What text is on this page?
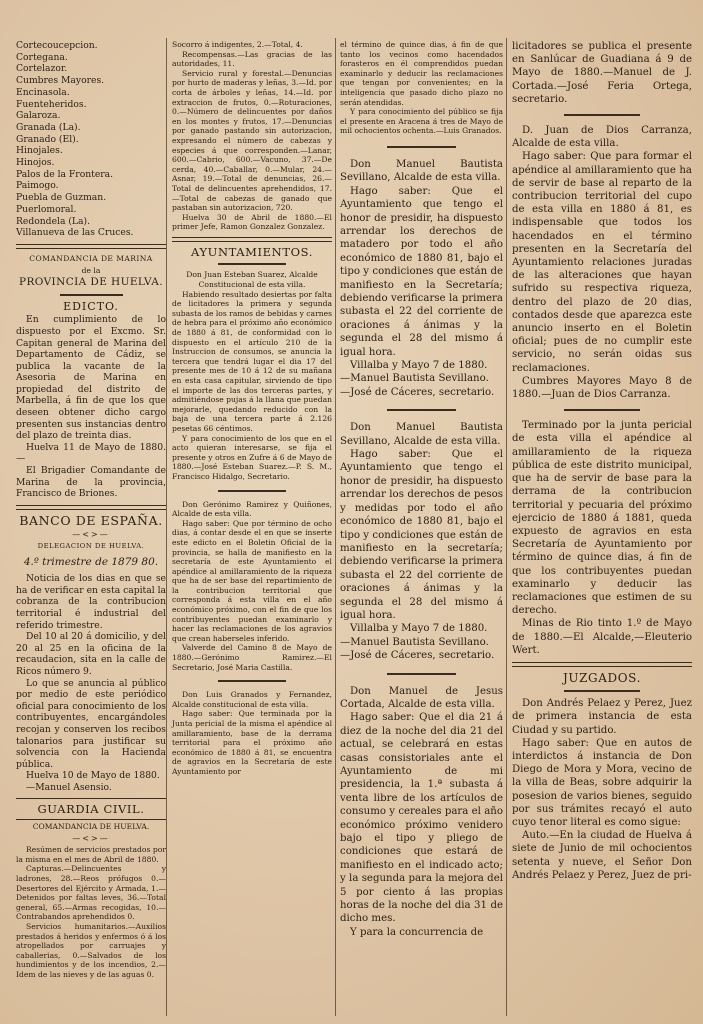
Cortecoucepcion.
Cortegana.
Cortelazor.
Cumbres Mayores.
Encinasola.
Fuenteheridos.
Galaroza.
Granada (La).
Granado (El).
Hinojales.
Hinojos.
Palos de la Frontera.
Paimogo.
Puebla de Guzman.
Puerlomoral.
Redondela (La).
Villanueva de las Cruces.
COMANDANCIA DE MARINA
de la
PROVINCIA DE HUELVA.
EDICTO.

En cumplimiento de lo dispuesto por el Excmo. Sr. Capitan general de Marina del Departamento de Cádiz, se publica la vacante de la Asesoria de Marina en propiedad del distrito de Marbella, á fin de que los que deseen obtener dicho cargo presenten sus instancias dentro del plazo de treinta dias.

Huelva 11 de Mayo de 1880.—

El Brigadier Comandante de Marina de la provincia, Francisco de Briones.

BANCO DE ESPAÑA.
—<>—
DELEGACION DE HUELVA.
4.º trimestre de 1879 80.

Noticia de los dias en que se ha de verificar en esta capital la cobranza de la contribucion territorial é industrial del referido trimestre.

Del 10 al 20 á domicilio, y del 20 al 25 en la oficina de la recaudacion, sita en la calle de Ricos número 9.

Lo que se anuncia al público por medio de este periódico oficial para conocimiento de los contribuyentes, encargándoles recojan y conserven los recibos talonarios para justificar su solvencia con la Hacienda pública.

Huelva 10 de Mayo de 1880.

—Manuel Asensio.

GUARDIA CIVIL.
COMANDANCIA DE HUELVA.
—<>—

Resúmen de servicios prestados por la misma en el mes de Abril de 1880.

Capturas.—Delincuentes y ladrones, 28.—Reos prófugos 0.—Desertores del Ejército y Armada, 1.—Detenidos por faltas leves, 36.—Total general, 65.—Armas recogidas, 10.—Contrabandos aprehendidos 0.

Servicios humanitarios.—Auxilios prestados á heridos y enfermos ó á los atropellados por carruajes y caballerias, 0.—Salvados de los hundimientos y de los incendios, 2.—Idem de las nieves y de las aguas 0.

Socorro á indigentes, 2.—Total, 4.

Recompensas.—Las gracias de las autoridades, 11.

Servicio rural y forestal.—Denuncias por hurto de maderas y leñas, 3.—Id. por corta de árboles y leñas, 14.—Id. por extraccion de frutos, 0.—Roturaciones, 0.—Número de delincuentes por daños en los montes y frutos, 17.—Denuncias por ganado pastando sin autorizacion, expresando el número de cabezas y especies á que corresponden.—Lanar, 600.—Cabrio, 600.—Vacuno, 37.—De cerda, 40.—Caballar, 0.—Mular, 24.—Asnar, 19.—Total de denuncias, 26.—Total de delincuentes aprehendidos, 17.—Total de cabezas de ganado que pastaban sin autorizacion, 720.

Huelva 30 de Abril de 1880.—El primer Jefe, Ramon Gonzalez Gonzalez.

AYUNTAMIENTOS.

Don Juan Esteban Suarez, Alcalde Constitucional de esta villa.

Habiendo resultado desiertas por falta de licitadores la primera y segunda subasta de los ramos de bebidas y carnes de hebra para el próximo año económico de 1880 á 81, de conformidad con lo dispuesto en el artículo 210 de la Instruccion de consumos, se anuncia la tercera que tendrá lugar el dia 17 del presente mes de 10 á 12 de su mañana en esta casa capitular, sirviendo de tipo el importe de las dos terceras partes, y admitiéndose pujas á la llana que puedan mejorarle, quedando reducido con la baja de una tercera parte á 2.126 pesetas 66 céntimos.

Y para conocimiento de los que en el acto quieran interesarse, se fija el presente y otros en Zufre á 6 de Mayo de 1880.—José Esteban Suarez.—P. S. M., Francisco Hidalgo, Secretario.

Don Gerónimo Ramirez y Quiñones, Alcalde de esta villa.

Hago saber: Que por término de ocho dias, á contar desde el en que se inserte este edicto en el Boletin Oficial de la provincia, se halla de manifiesto en la secretaría de este Ayuntamiento el apéndice al amillaramiento de la riqueza que ha de ser base del repartimiento de la contribucion territorial que corresponda á esta villa en el año económico próximo, con el fin de que los contribuyentes puedan examinarlo y hacer las reclamaciones de los agravios que crean haberseles inferido.

Valverde del Camino 8 de Mayo de 1880.—Gerónimo Ramirez.—El Secretario, José Maria Castilla.

Don Luis Granados y Fernandez, Alcalde constitucional de esta villa.

Hago saber: Que terminada por la Junta pericial de la misma el apéndice al amillaramiento, base de la derrama territorial para el próximo año económico de 1880 á 81, se encuentra de agravios en la Secretaría de este Ayuntamiento por

el término de quince dias, á fin de que tanto los vecinos como hacendados forasteros en él comprendidos puedan examinarlo y deducir las reclamaciones que tengan por convenientes; en la inteligencia que pasado dicho plazo no serán atendidas.

Y para conocimiento del público se fija el presente en Aracena á tres de Mayo de mil ochocientos ochenta.—Luis Granados.

Don Manuel Bautista Sevillano, Alcalde de esta villa.

Hago saber: Que el Ayuntamiento que tengo el honor de presidir, ha dispuesto arrendar los derechos de matadero por todo el año económico de 1880 81, bajo el tipo y condiciones que están de manifiesto en la Secretaría; debiendo verificarse la primera subasta el 22 del corriente de oraciones á ánimas y la segunda el 28 del mismo á igual hora.

Villalba y Mayo 7 de 1880.

—Manuel Bautista Sevillano.

—José de Cáceres, secretario.

Don Manuel Bautista Sevillano, Alcalde de esta villa.

Hago saber: Que el Ayuntamiento que tengo el honor de presidir, ha dispuesto arrendar los derechos de pesos y medidas por todo el año económico de 1880 81, bajo el tipo y condiciones que están de manifiesto en la secretaría; debiendo verificarse la primera subasta el 22 del corriente de oraciones á ánimas y la segunda el 28 del mismo á igual hora.

Villalba y Mayo 7 de 1880.

—Manuel Bautista Sevillano.

—José de Cáceres, secretario.

Don Manuel de Jesus Cortada, Alcalde de esta villa.

Hago saber: Que el dia 21 á diez de la noche del dia 21 del actual, se celebrará en estas casas consistoriales ante el Ayuntamiento de mi presidencia, la 1.ª subasta á venta libre de los artículos de consumo y cereales para el año económico próximo venidero bajo el tipo y pliego de condiciones que estará de manifiesto en el indicado acto; y la segunda para la mejora del 5 por ciento á las propias horas de la noche del dia 31 de dicho mes.

Y para la concurrencia de

licitadores se publica el presente en Sanlúcar de Guadiana á 9 de Mayo de 1880.—Manuel de J. Cortada.—José Feria Ortega, secretario.

D. Juan de Dios Carranza, Alcalde de esta villa.

Hago saber: Que para formar el apéndice al amillaramiento que ha de servir de base al reparto de la contribucion territorial del cupo de esta villa en 1880 á 81, es indispensable que todos los hacendados en el término presenten en la Secretaría del Ayuntamiento relaciones juradas de las alteraciones que hayan sufrido su respectiva riqueza, dentro del plazo de 20 dias, contados desde que aparezca este anuncio inserto en el Boletin oficial; pues de no cumplir este servicio, no serán oidas sus reclamaciones.

Cumbres Mayores Mayo 8 de 1880.—Juan de Dios Carranza.

Terminado por la junta pericial de esta villa el apéndice al amillaramiento de la riqueza pública de este distrito municipal, que ha de servir de base para la derrama de la contribucion territorial y pecuaria del próximo ejercicio de 1880 á 1881, queda expuesto de agravios en esta Secretaría de Ayuntamiento por término de quince dias, á fin de que los contribuyentes puedan examinarlo y deducir las reclamaciones que estimen de su derecho.

Minas de Rio tinto 1.º de Mayo de 1880.—El Alcalde,—Eleuterio Wert.

JUZGADOS.

Don Andrés Pelaez y Perez, Juez de primera instancia de esta Ciudad y su partido.

Hago saber: Que en autos de interdictos á instancia de Don Diego de Mora y Mora, vecino de la villa de Beas, sobre adquirir la posesion de varios bienes, seguido por sus trámites recayó el auto cuyo tenor literal es como sigue:

Auto.—En la ciudad de Huelva á siete de Junio de mil ochocientos setenta y nueve, el Señor Don Andrés Pelaez y Perez, Juez de pri-
